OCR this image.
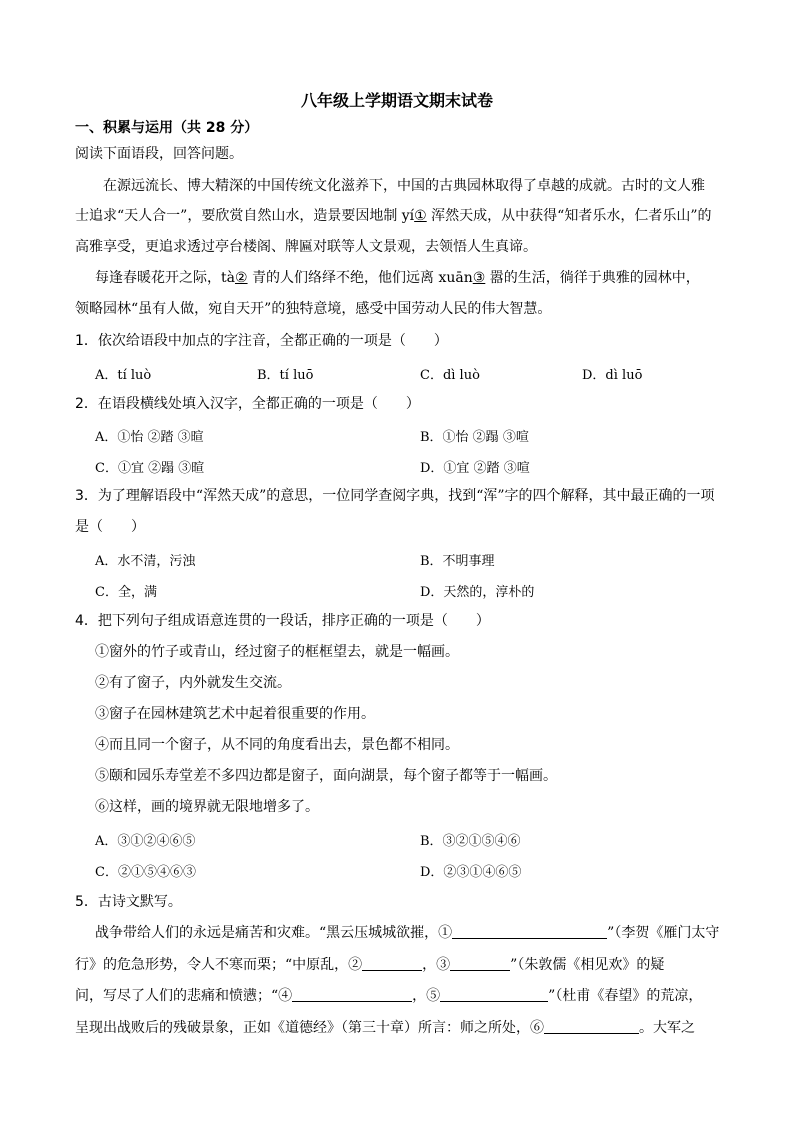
八年级上学期语文期末试卷
一、积累与运用（共 28 分）
阅读下面语段，回答问题。
在源远流长、博大精深的中国传统文化滋养下，中国的古典园林取得了卓越的成就。古时的文人雅
士追求“天人合一”，要欣赏自然山水，造景要因地制 yí① 浑然天成，从中获得“知者乐水，仁者乐山”的
高雅享受，更追求透过亭台楼阁、牌匾对联等人文景观，去领悟人生真谛。
每逢春暖花开之际，tà② 青的人们络绎不绝，他们远离 xuān③ 嚣的生活，徜徉于典雅的园林中，
领略园林“虽有人做，宛自天开”的独特意境，感受中国劳动人民的伟大智慧。
1．依次给语段中加点的字注音，全都正确的一项是（　　）
A．tí luò	B．tí luō	C．dì luò	D．dì luō
2．在语段横线处填入汉字，全都正确的一项是（　　）
A．①怡 ②踏 ③暄	B．①怡 ②蹋 ③喧
C．①宜 ②蹋 ③暄	D．①宜 ②踏 ③喧
3．为了理解语段中“浑然天成”的意思，一位同学查阅字典，找到“浑”字的四个解释，其中最正确的一项
是（　　）
A．水不清，污浊	B．不明事理
C．全，满	D．天然的，淳朴的
4．把下列句子组成语意连贯的一段话，排序正确的一项是（　　）
①窗外的竹子或青山，经过窗子的框框望去，就是一幅画。
②有了窗子，内外就发生交流。
③窗子在园林建筑艺术中起着很重要的作用。
④而且同一个窗子，从不同的角度看出去，景色都不相同。
⑤颐和园乐寿堂差不多四边都是窗子，面向湖景，每个窗子都等于一幅画。
⑥这样，画的境界就无限地增多了。
A．③①②④⑥⑤	B．③②①⑤④⑥
C．②①⑤④⑥③	D．②③①④⑥⑤
5．古诗文默写。
战争带给人们的永远是痛苦和灾难。“黑云压城城欲摧，①	”（李贺《雁门太守
行》的危急形势，令人不寒而栗；“中原乱，②	，③	”（朱敦儒《相见欢》的疑
问，写尽了人们的悲痛和愤懑；“④	，⑤	”（杜甫《春望》的荒凉，
呈现出战败后的残破景象，正如《道德经》（第三十章）所言：师之所处，⑥	。大军之
